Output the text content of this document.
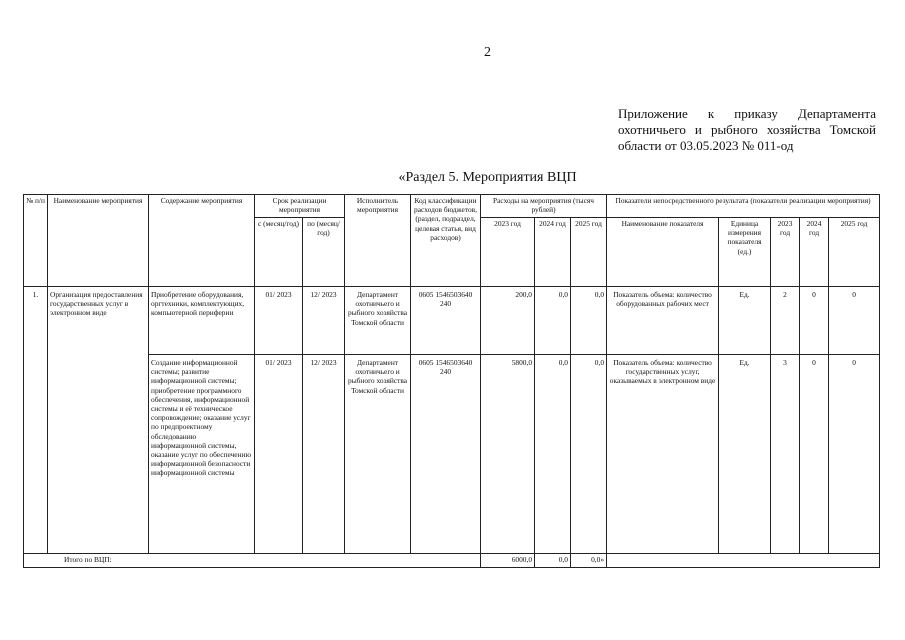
2
Приложение к приказу Департамента охотничьего и рыбного хозяйства Томской области от 03.05.2023 № 011-од
«Раздел 5. Мероприятия ВЦП
№ п/п	Наименование мероприятия	Содержание мероприятия	Срок реализации мероприятия		Исполнитель мероприятия	Код классификации расходов бюджетов, (раздел, подраздел, целевая статья, вид расходов)	Расходы на мероприятия (тысяч рублей)			Показатели непосредственного результата (показатели реализации мероприятия)				
			с (месяц/год)	по (месяц/год)			2023 год	2024 год	2025 год	Наименование показателя	Единица измерения показателя (ед.)	2023 год	2024 год	2025 год
1.	Организация предоставления государственных услуг в электронном виде	Приобретение оборудования, оргтехники, комплектующих, компьютерной периферии	01/ 2023	12/ 2023	Департамент охотничьего и рыбного хозяйства Томской области	0605 1546503640 240	200,0	0,0	0,0	Показатель объема: количество оборудованных рабочих мест	Ед.	2	0	0
		Создание информационной системы; развитие информационной системы; приобретение программного обеспечения, информационной системы и её техническое сопровождение; оказание услуг по предпроектному обследованию информационной системы, оказание услуг по обеспечению информационной безопасности информационной системы	01/ 2023	12/ 2023	Департамент охотничьего и рыбного хозяйства Томской области	0605 1546503640 240	5800,0	0,0	0,0	Показатель объема: количество государственных услуг, оказываемых в электронном виде	Ед.	3	0	0
Итого по ВЦП:							6000,0	0,0	0,0»					
